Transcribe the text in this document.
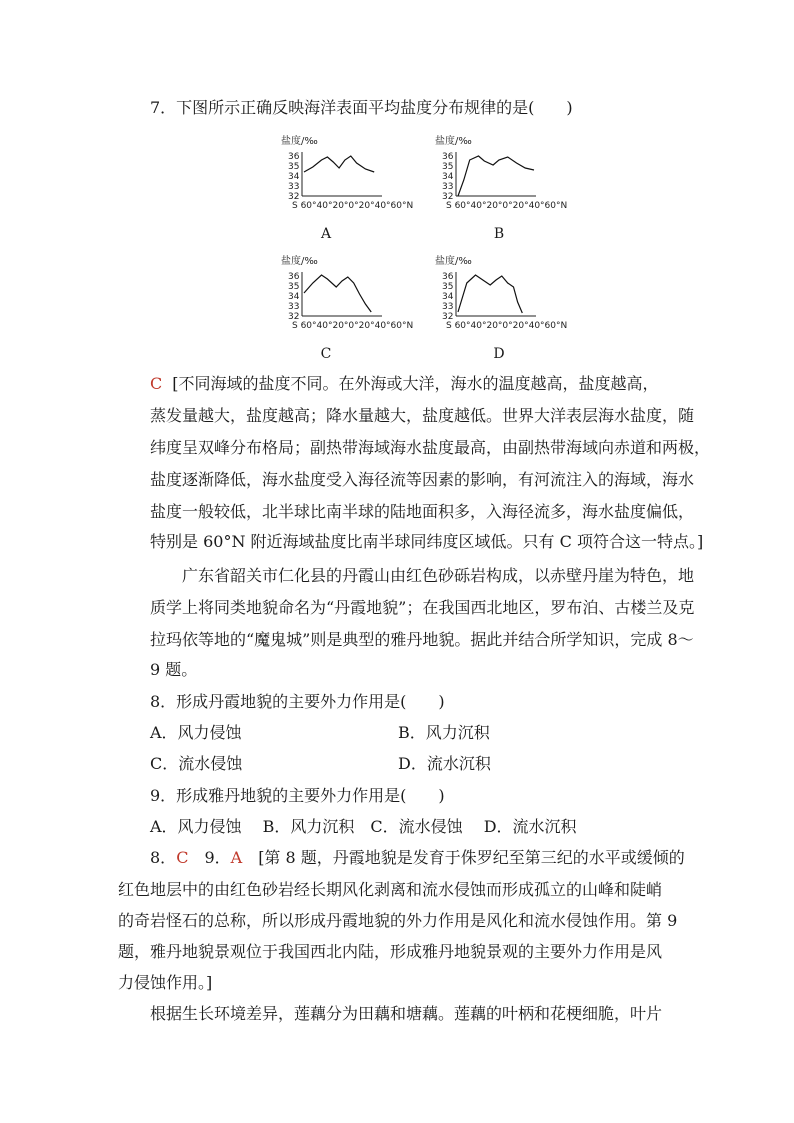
7．下图所示正确反映海洋表面平均盐度分布规律的是(　　)
盐度/‰
36
35
34
33
32
S 60°40°20°0°20°40°60°N
A
盐度/‰
36
35
34
33
32
S 60°40°20°0°20°40°60°N
B
盐度/‰
36
35
34
33
32
S 60°40°20°0°20°40°60°N
C
盐度/‰
36
35
34
33
32
S 60°40°20°0°20°40°60°N
D
C [不同海域的盐度不同。在外海或大洋，海水的温度越高，盐度越高，
蒸发量越大，盐度越高；降水量越大，盐度越低。世界大洋表层海水盐度，随
纬度呈双峰分布格局；副热带海域海水盐度最高，由副热带海域向赤道和两极，
盐度逐渐降低，海水盐度受入海径流等因素的影响，有河流注入的海域，海水
盐度一般较低，北半球比南半球的陆地面积多，入海径流多，海水盐度偏低，
特别是 60°N 附近海域盐度比南半球同纬度区域低。只有 C 项符合这一特点。]
广东省韶关市仁化县的丹霞山由红色砂砾岩构成，以赤壁丹崖为特色，地
质学上将同类地貌命名为“丹霞地貌”；在我国西北地区，罗布泊、古楼兰及克
拉玛依等地的“魔鬼城”则是典型的雅丹地貌。据此并结合所学知识，完成 8～
9 题。
8．形成丹霞地貌的主要外力作用是(　　)
A．风力侵蚀	B．风力沉积
C．流水侵蚀	D．流水沉积
9．形成雅丹地貌的主要外力作用是(　　)
A．风力侵蚀　 B．风力沉积　C．流水侵蚀　 D．流水沉积
8．C　9．A　[第 8 题，丹霞地貌是发育于侏罗纪至第三纪的水平或缓倾的
红色地层中的由红色砂岩经长期风化剥离和流水侵蚀而形成孤立的山峰和陡峭
的奇岩怪石的总称，所以形成丹霞地貌的外力作用是风化和流水侵蚀作用。第 9
题，雅丹地貌景观位于我国西北内陆，形成雅丹地貌景观的主要外力作用是风
力侵蚀作用。]
根据生长环境差异，莲藕分为田藕和塘藕。莲藕的叶柄和花梗细脆，叶片
